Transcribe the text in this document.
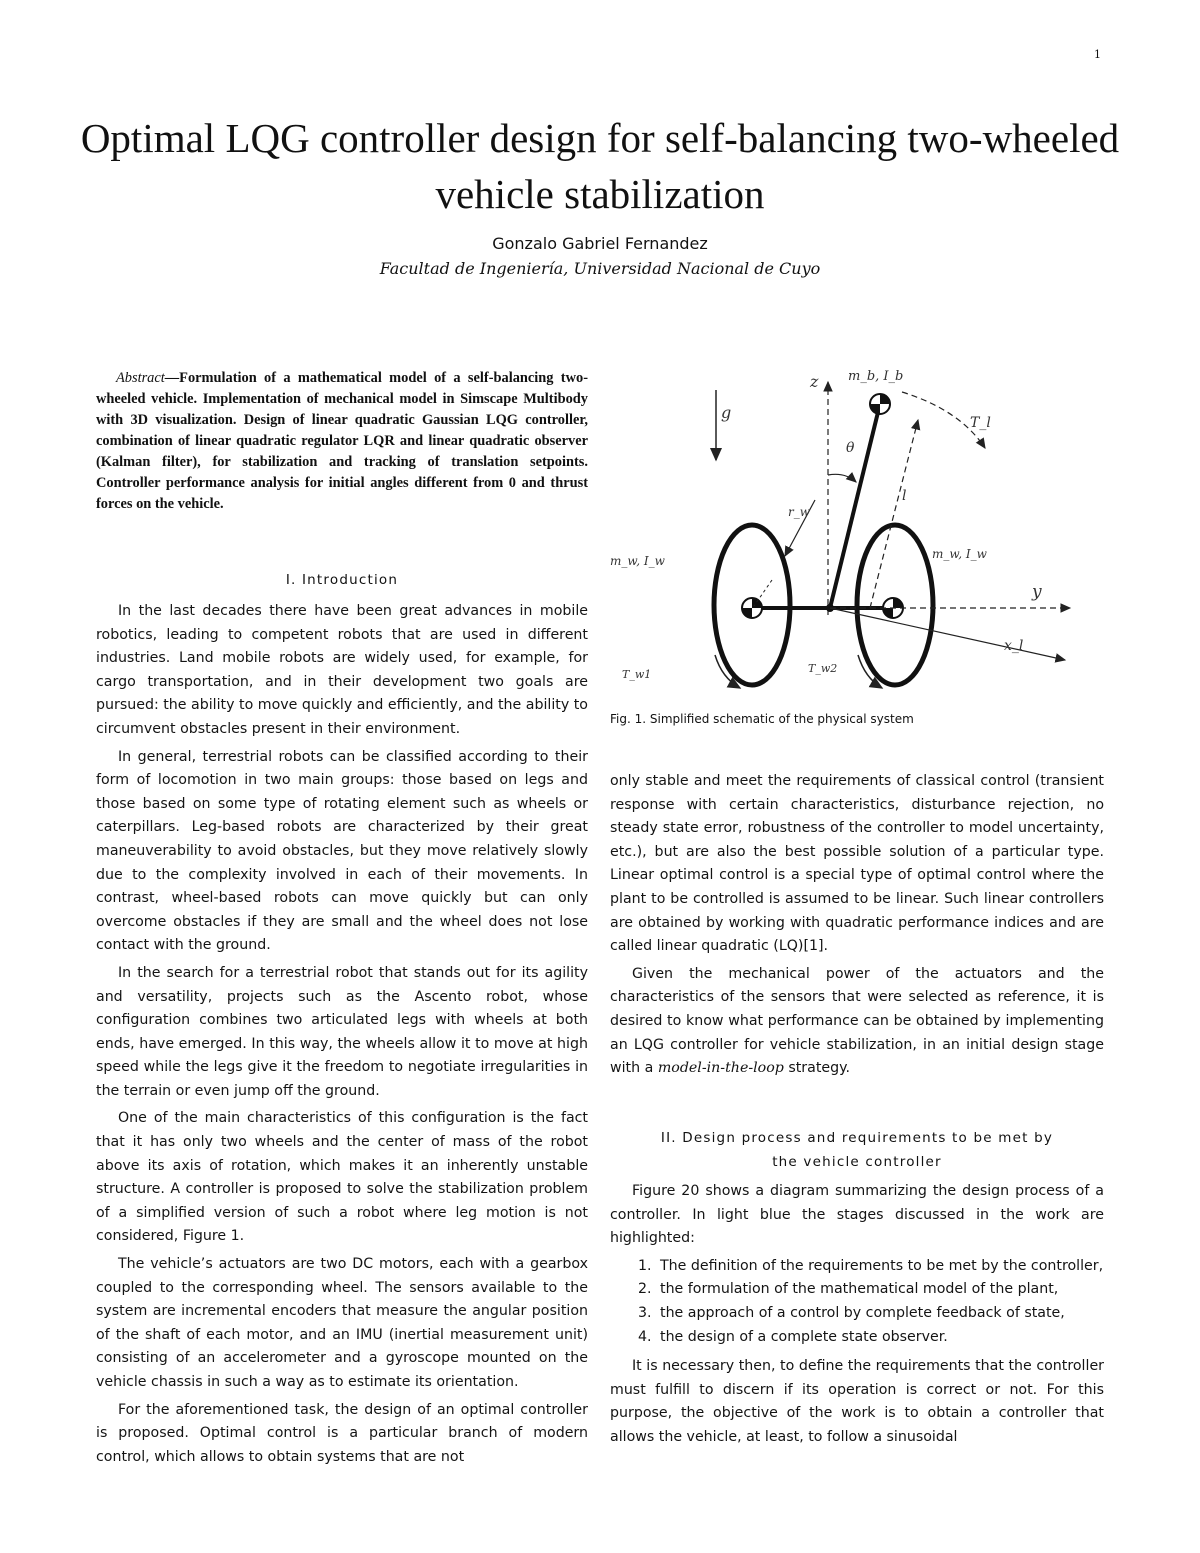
1
Optimal LQG controller design for self-balancing two-wheeled vehicle stabilization
Gonzalo Gabriel Fernandez
Facultad de Ingeniería, Universidad Nacional de Cuyo

Abstract—Formulation of a mathematical model of a self-balancing two-wheeled vehicle. Implementation of mechanical model in Simscape Multibody with 3D visualization. Design of linear quadratic Gaussian LQG controller, combination of linear quadratic regulator LQR and linear quadratic observer (Kalman filter), for stabilization and tracking of translation setpoints. Controller performance analysis for initial angles different from 0 and thrust forces on the vehicle.

I. Introduction

In the last decades there have been great advances in mobile robotics, leading to competent robots that are used in different industries. Land mobile robots are widely used, for example, for cargo transportation, and in their development two goals are pursued: the ability to move quickly and efficiently, and the ability to circumvent obstacles present in their environment.

In general, terrestrial robots can be classified according to their form of locomotion in two main groups: those based on legs and those based on some type of rotating element such as wheels or caterpillars. Leg-based robots are characterized by their great maneuverability to avoid obstacles, but they move relatively slowly due to the complexity involved in each of their movements. In contrast, wheel-based robots can move quickly but can only overcome obstacles if they are small and the wheel does not lose contact with the ground.

In the search for a terrestrial robot that stands out for its agility and versatility, projects such as the Ascento robot, whose configuration combines two articulated legs with wheels at both ends, have emerged. In this way, the wheels allow it to move at high speed while the legs give it the freedom to negotiate irregularities in the terrain or even jump off the ground.

One of the main characteristics of this configuration is the fact that it has only two wheels and the center of mass of the robot above its axis of rotation, which makes it an inherently unstable structure. A controller is proposed to solve the stabilization problem of a simplified version of such a robot where leg motion is not considered, Figure 1.

The vehicle’s actuators are two DC motors, each with a gearbox coupled to the corresponding wheel. The sensors available to the system are incremental encoders that measure the angular position of the shaft of each motor, and an IMU (inertial measurement unit) consisting of an accelerometer and a gyroscope mounted on the vehicle chassis in such a way as to estimate its orientation.

For the aforementioned task, the design of an optimal controller is proposed. Optimal control is a particular branch of modern control, which allows to obtain systems that are not

z
g
m_b, I_b
T_l
θ
l
r_w
m_w, I_w	m_w, I_w
y
x_l
T_w1	T_w2
Fig. 1. Simplified schematic of the physical system

only stable and meet the requirements of classical control (transient response with certain characteristics, disturbance rejection, no steady state error, robustness of the controller to model uncertainty, etc.), but are also the best possible solution of a particular type. Linear optimal control is a special type of optimal control where the plant to be controlled is assumed to be linear. Such linear controllers are obtained by working with quadratic performance indices and are called linear quadratic (LQ)[1].

Given the mechanical power of the actuators and the characteristics of the sensors that were selected as reference, it is desired to know what performance can be obtained by implementing an LQG controller for vehicle stabilization, in an initial design stage with a model-in-the-loop strategy.

II. Design process and requirements to be met by
the vehicle controller

Figure 20 shows a diagram summarizing the design process of a controller. In light blue the stages discussed in the work are highlighted:

1. The definition of the requirements to be met by the controller,
2. the formulation of the mathematical model of the plant,
3. the approach of a control by complete feedback of state,
4. the design of a complete state observer.

It is necessary then, to define the requirements that the controller must fulfill to discern if its operation is correct or not. For this purpose, the objective of the work is to obtain a controller that allows the vehicle, at least, to follow a sinusoidal
